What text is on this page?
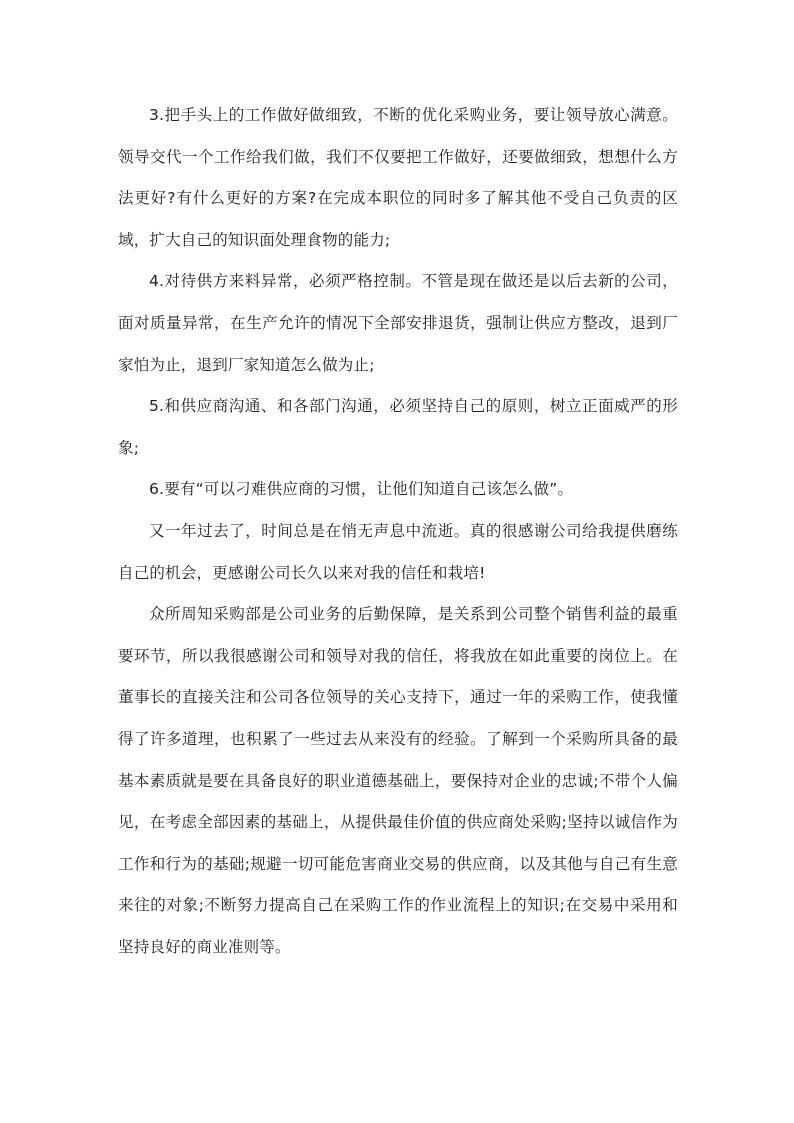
3.把手头上的工作做好做细致，不断的优化采购业务，要让领导放心满意。领导交代一个工作给我们做，我们不仅要把工作做好，还要做细致，想想什么方法更好?有什么更好的方案?在完成本职位的同时多了解其他不受自己负责的区域，扩大自己的知识面处理食物的能力;

4.对待供方来料异常，必须严格控制。不管是现在做还是以后去新的公司，面对质量异常，在生产允许的情况下全部安排退货，强制让供应方整改，退到厂家怕为止，退到厂家知道怎么做为止;

5.和供应商沟通、和各部门沟通，必须坚持自己的原则，树立正面威严的形象;

6.要有“可以刁难供应商的习惯，让他们知道自己该怎么做”。

又一年过去了，时间总是在悄无声息中流逝。真的很感谢公司给我提供磨练自己的机会，更感谢公司长久以来对我的信任和栽培!

众所周知采购部是公司业务的后勤保障，是关系到公司整个销售利益的最重要环节，所以我很感谢公司和领导对我的信任，将我放在如此重要的岗位上。在董事长的直接关注和公司各位领导的关心支持下，通过一年的采购工作，使我懂得了许多道理，也积累了一些过去从来没有的经验。了解到一个采购所具备的最基本素质就是要在具备良好的职业道德基础上，要保持对企业的忠诚;不带个人偏见，在考虑全部因素的基础上，从提供最佳价值的供应商处采购;坚持以诚信作为工作和行为的基础;规避一切可能危害商业交易的供应商，以及其他与自己有生意来往的对象;不断努力提高自己在采购工作的作业流程上的知识;在交易中采用和坚持良好的商业准则等。
